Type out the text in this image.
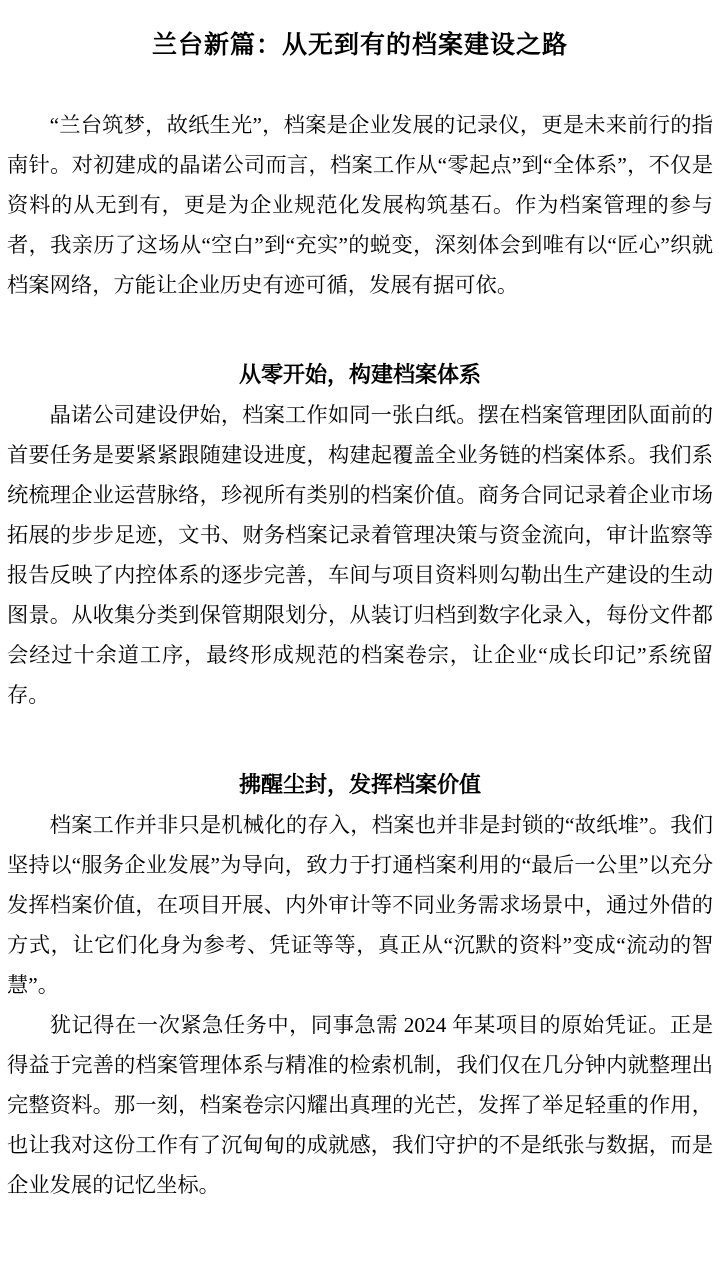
兰台新篇：从无到有的档案建设之路

“兰台筑梦，故纸生光”，档案是企业发展的记录仪，更是未来前行的指南针。对初建成的晶诺公司而言，档案工作从“零起点”到“全体系”，不仅是资料的从无到有，更是为企业规范化发展构筑基石。作为档案管理的参与者，我亲历了这场从“空白”到“充实”的蜕变，深刻体会到唯有以“匠心”织就档案网络，方能让企业历史有迹可循，发展有据可依。

从零开始，构建档案体系

晶诺公司建设伊始，档案工作如同一张白纸。摆在档案管理团队面前的首要任务是要紧紧跟随建设进度，构建起覆盖全业务链的档案体系。我们系统梳理企业运营脉络，珍视所有类别的档案价值。商务合同记录着企业市场拓展的步步足迹，文书、财务档案记录着管理决策与资金流向，审计监察等报告反映了内控体系的逐步完善，车间与项目资料则勾勒出生产建设的生动图景。从收集分类到保管期限划分，从装订归档到数字化录入，每份文件都会经过十余道工序，最终形成规范的档案卷宗，让企业“成长印记”系统留存。

拂醒尘封，发挥档案价值

档案工作并非只是机械化的存入，档案也并非是封锁的“故纸堆”。我们坚持以“服务企业发展”为导向，致力于打通档案利用的“最后一公里”以充分发挥档案价值，在项目开展、内外审计等不同业务需求场景中，通过外借的方式，让它们化身为参考、凭证等等，真正从“沉默的资料”变成“流动的智慧”。

犹记得在一次紧急任务中，同事急需 2024 年某项目的原始凭证。正是得益于完善的档案管理体系与精准的检索机制，我们仅在几分钟内就整理出完整资料。那一刻，档案卷宗闪耀出真理的光芒，发挥了举足轻重的作用，也让我对这份工作有了沉甸甸的成就感，我们守护的不是纸张与数据，而是企业发展的记忆坐标。
